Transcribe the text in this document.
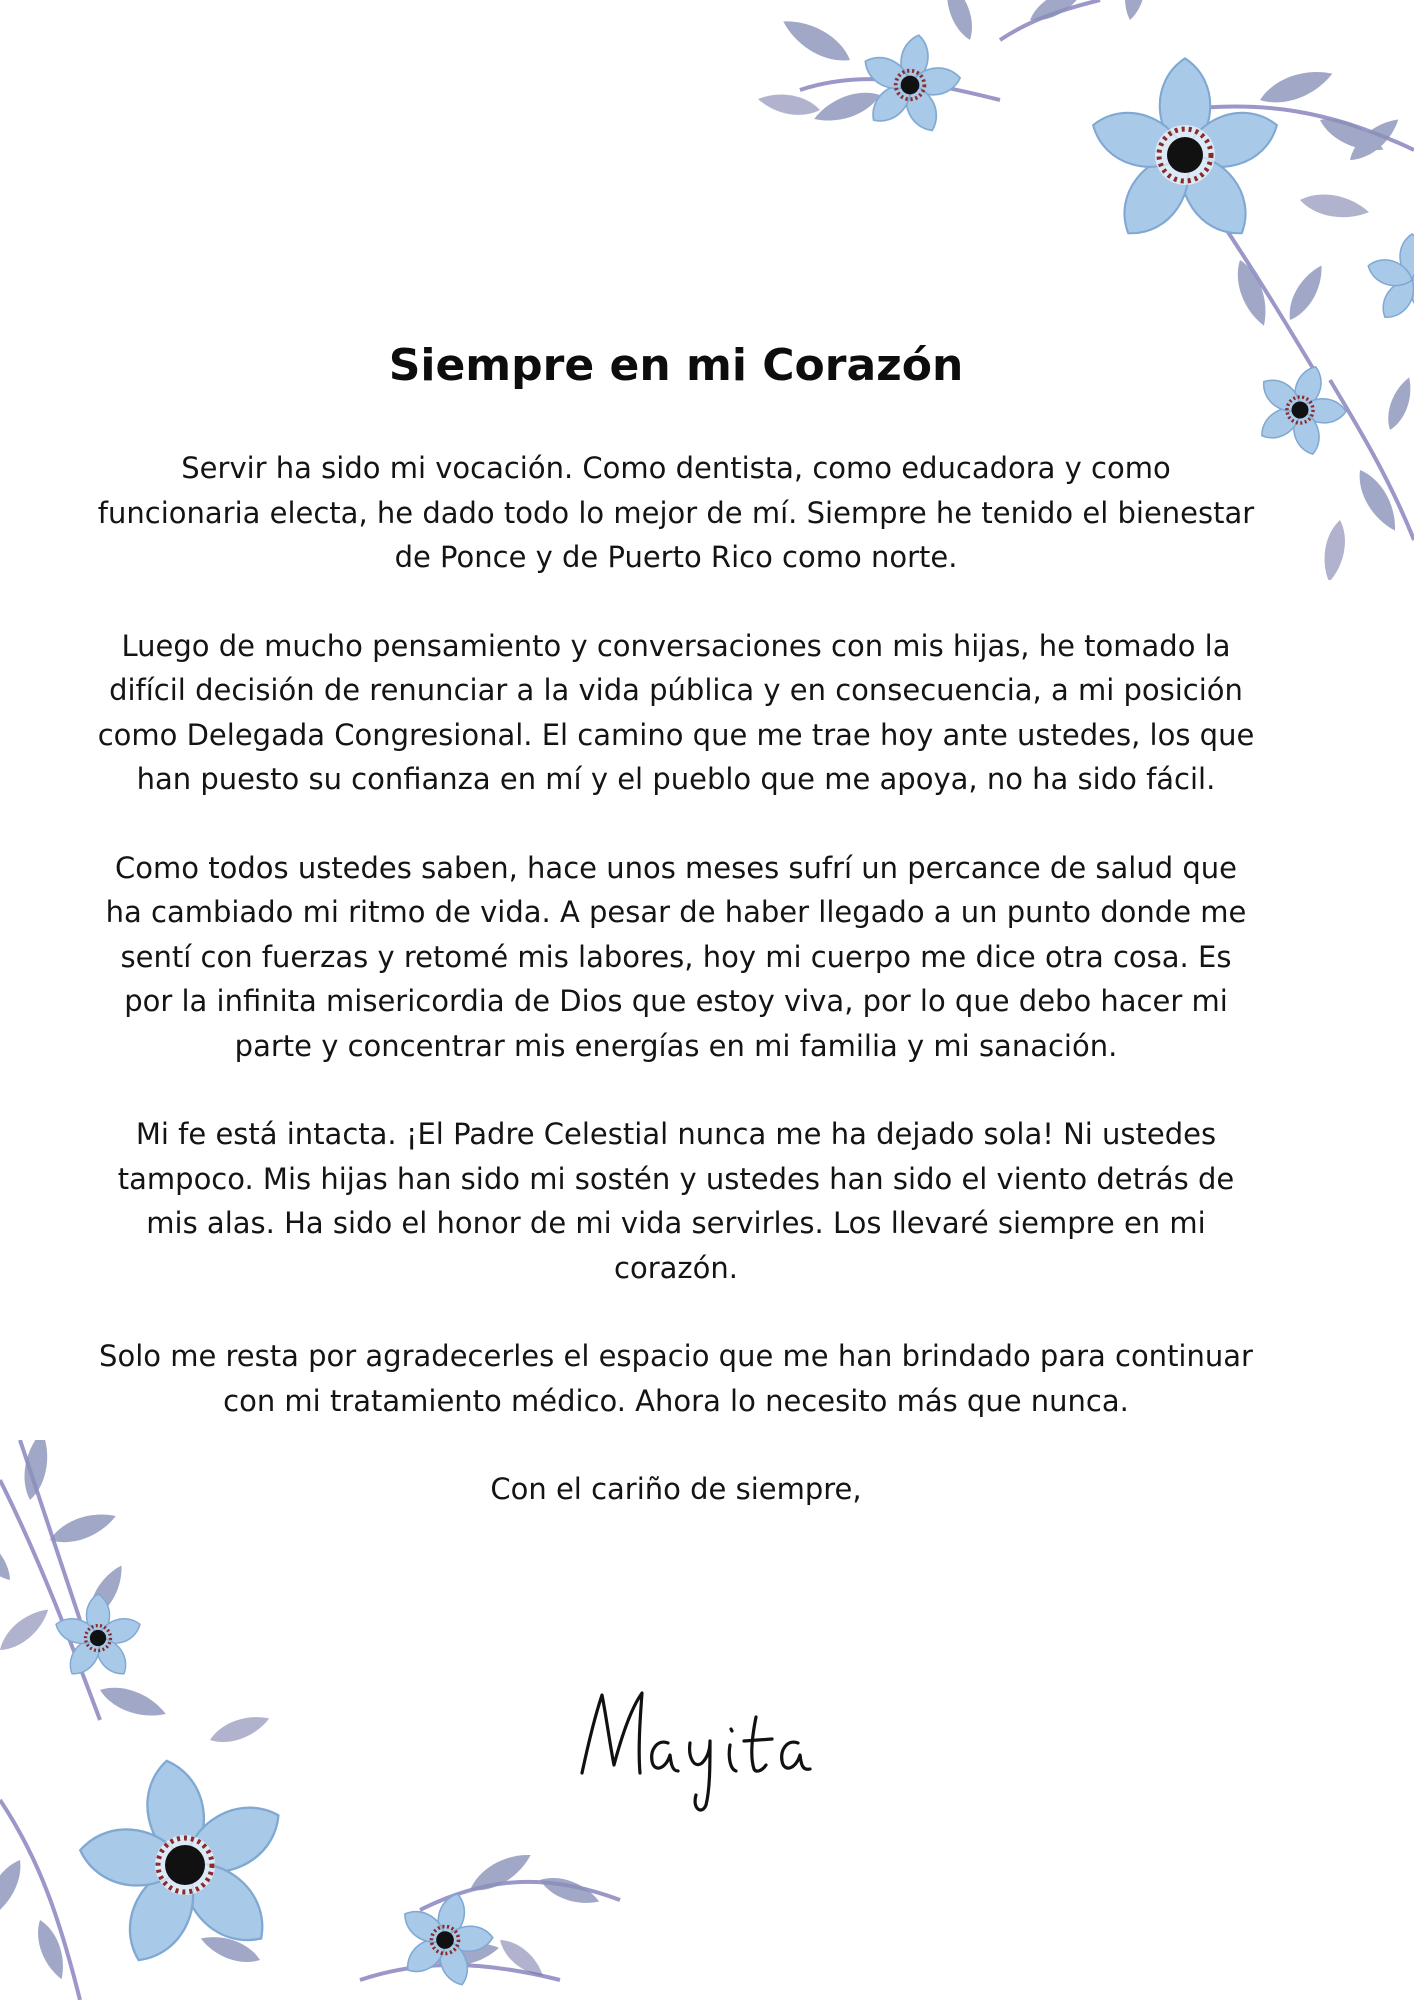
Siempre en mi Corazón

Servir ha sido mi vocación. Como dentista, como educadora y como funcionaria electa, he dado todo lo mejor de mí. Siempre he tenido el bienestar de Ponce y de Puerto Rico como norte.

Luego de mucho pensamiento y conversaciones con mis hijas, he tomado la difícil decisión de renunciar a la vida pública y en consecuencia, a mi posición como Delegada Congresional. El camino que me trae hoy ante ustedes, los que han puesto su confianza en mí y el pueblo que me apoya, no ha sido fácil.

Como todos ustedes saben, hace unos meses sufrí un percance de salud que ha cambiado mi ritmo de vida. A pesar de haber llegado a un punto donde me sentí con fuerzas y retomé mis labores, hoy mi cuerpo me dice otra cosa. Es por la infinita misericordia de Dios que estoy viva, por lo que debo hacer mi parte y concentrar mis energías en mi familia y mi sanación.

Mi fe está intacta. ¡El Padre Celestial nunca me ha dejado sola! Ni ustedes tampoco. Mis hijas han sido mi sostén y ustedes han sido el viento detrás de mis alas. Ha sido el honor de mi vida servirles. Los llevaré siempre en mi corazón.

Solo me resta por agradecerles el espacio que me han brindado para continuar con mi tratamiento médico. Ahora lo necesito más que nunca.

Con el cariño de siempre,
